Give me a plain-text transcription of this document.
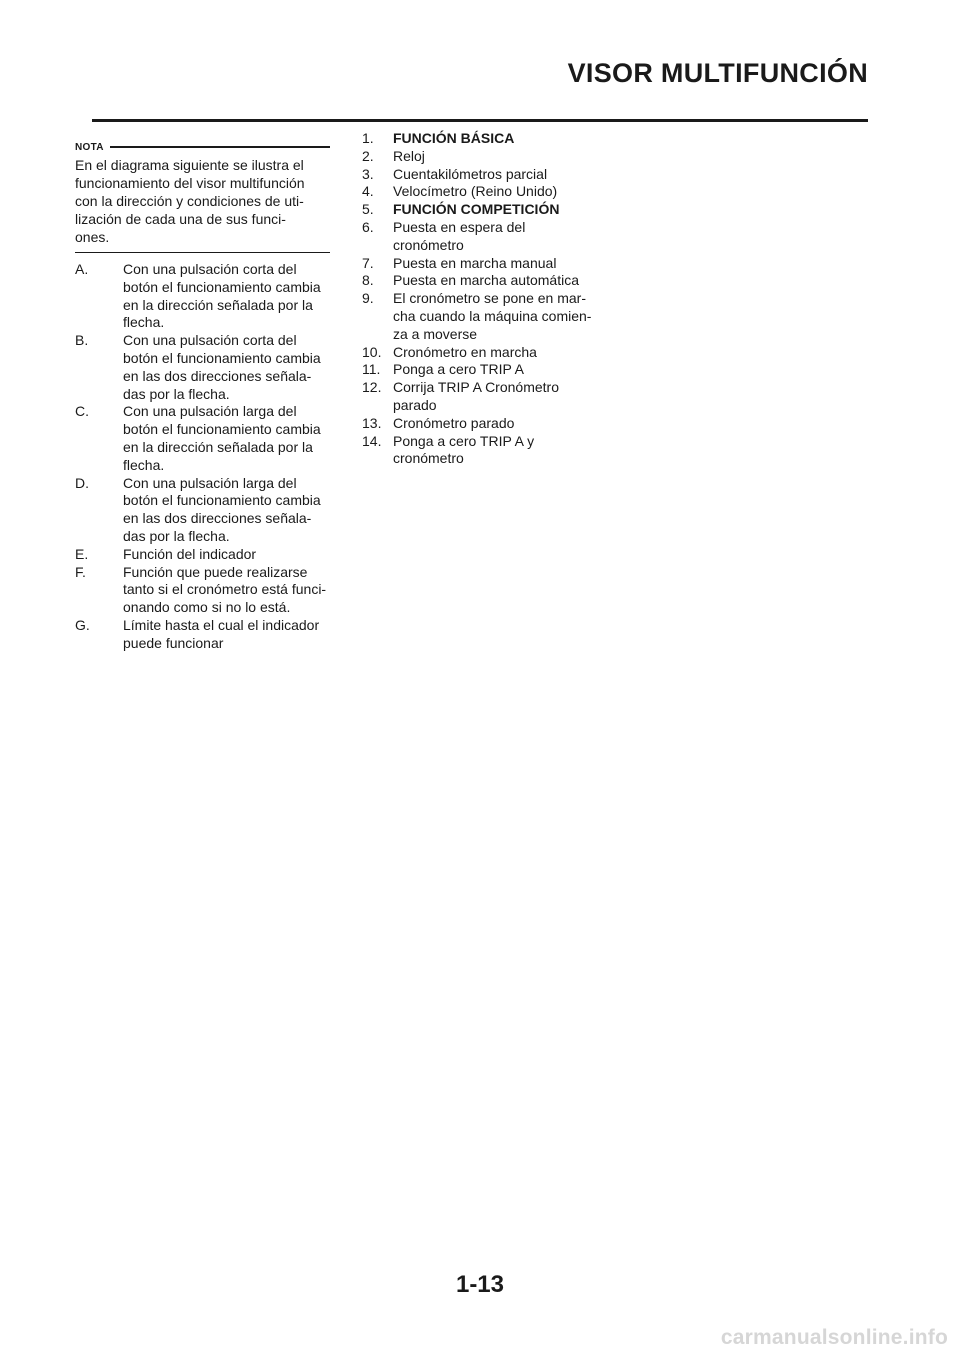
VISOR MULTIFUNCIÓN
NOTA
En el diagrama siguiente se ilustra el
funcionamiento del visor multifunción
con la dirección y condiciones de uti-
lización de cada una de sus funci-
ones.
A.	Con una pulsación corta del
botón el funcionamiento cambia
en la dirección señalada por la
flecha.
B.	Con una pulsación corta del
botón el funcionamiento cambia
en las dos direcciones señala-
das por la flecha.
C.	Con una pulsación larga del
botón el funcionamiento cambia
en la dirección señalada por la
flecha.
D.	Con una pulsación larga del
botón el funcionamiento cambia
en las dos direcciones señala-
das por la flecha.
E.	Función del indicador
F.	Función que puede realizarse
tanto si el cronómetro está funci-
onando como si no lo está.
G.	Límite hasta el cual el indicador
puede funcionar
1.	FUNCIÓN BÁSICA
2.	Reloj
3.	Cuentakilómetros parcial
4.	Velocímetro (Reino Unido)
5.	FUNCIÓN COMPETICIÓN
6.	Puesta en espera del
cronómetro
7.	Puesta en marcha manual
8.	Puesta en marcha automática
9.	El cronómetro se pone en mar-
cha cuando la máquina comien-
za a moverse
10. Cronómetro en marcha
11. Ponga a cero TRIP A
12. Corrija TRIP A Cronómetro
parado
13. Cronómetro parado
14. Ponga a cero TRIP A y
cronómetro
1-13
carmanualsonline.info
